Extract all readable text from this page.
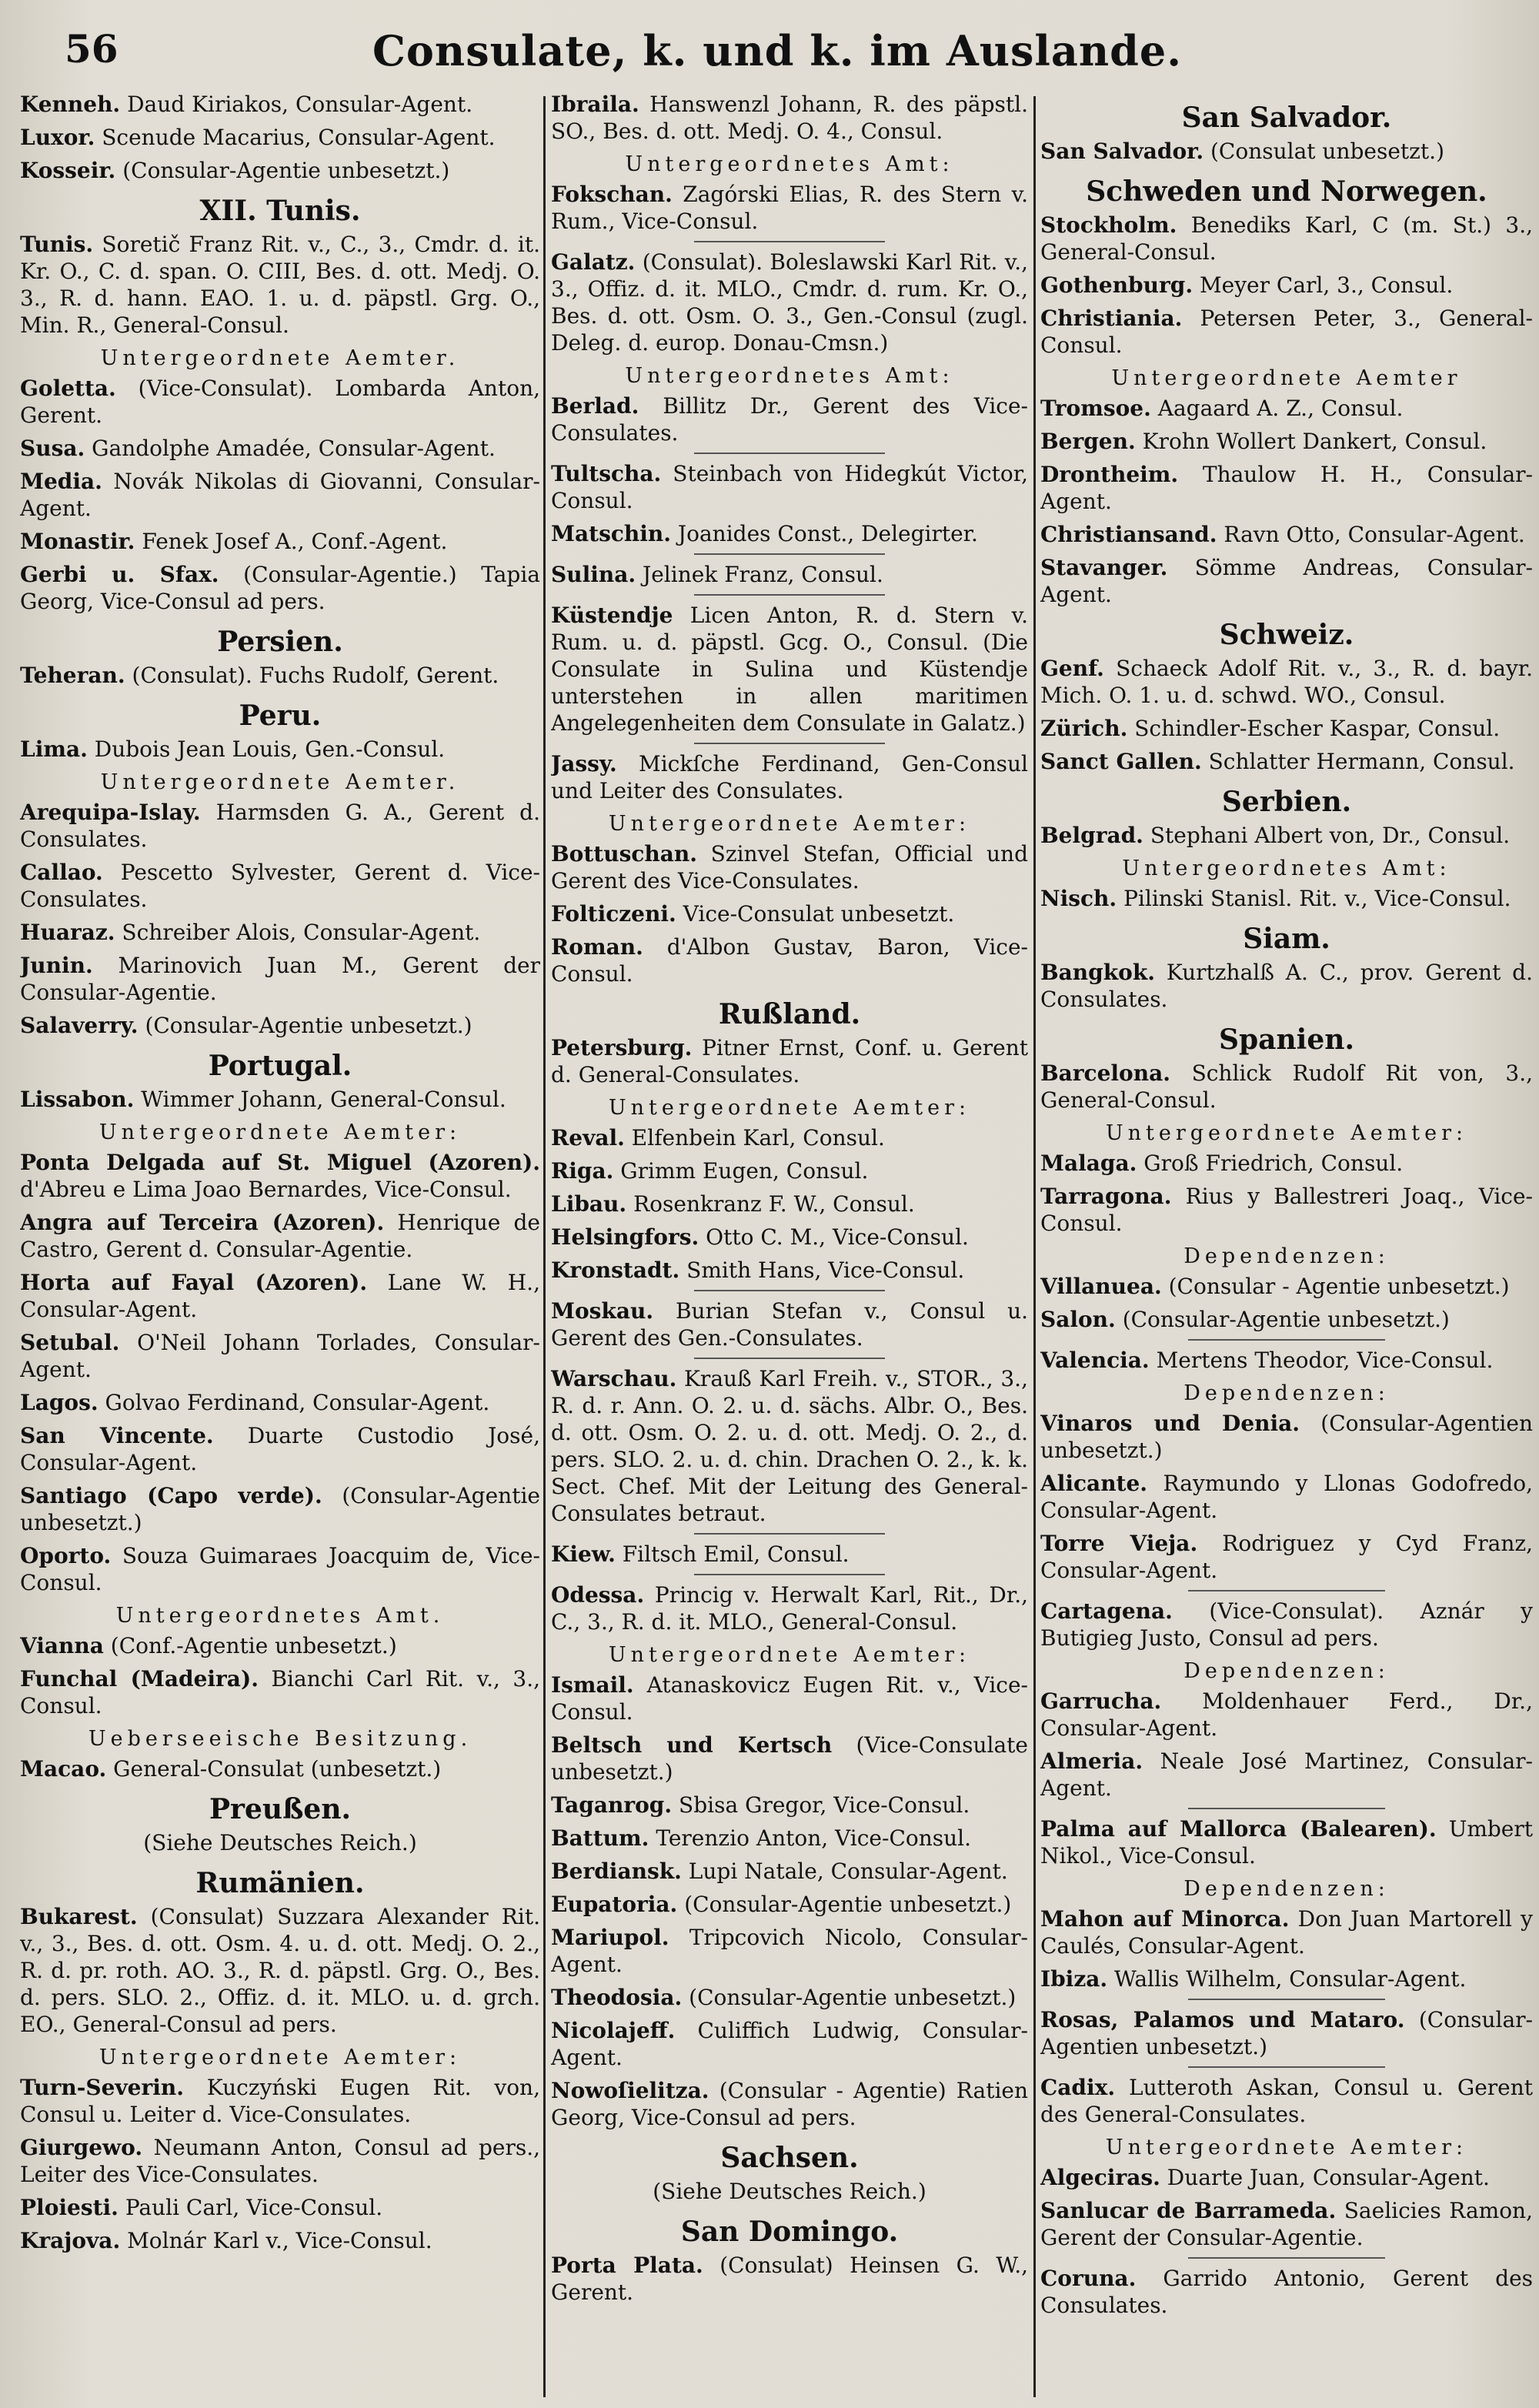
56	Consulate, k. und k. im Auslande.
Kenneh. Daud Kiriakos, Consular-Agent.
Luxor. Scenude Macarius, Consular-Agent.
Kosseir. (Consular-Agentie unbesetzt.)
XII. Tunis.
Tunis. Soretič Franz Rit. v., C., 3., Cmdr. d. it. Kr. O., C. d. span. O. CIII, Bes. d. ott. Medj. O. 3., R. d. hann. EAO. 1. u. d. päpstl. Grg. O., Min. R., General-Consul.
Untergeordnete Aemter.
Goletta. (Vice-Consulat). Lombarda Anton, Gerent.
Susa. Gandolphe Amadée, Consular-Agent.
Media. Novák Nikolas di Giovanni, Consular-Agent.
Monastir. Fenek Josef A., Conf.-Agent.
Gerbi u. Sfax. (Consular-Agentie.) Tapia Georg, Vice-Consul ad pers.
Persien.
Teheran. (Consulat). Fuchs Rudolf, Gerent.
Peru.
Lima. Dubois Jean Louis, Gen.-Consul.
Untergeordnete Aemter.
Arequipa-Islay. Harmsden G. A., Gerent d. Consulates.
Callao. Pescetto Sylvester, Gerent d. Vice-Consulates.
Huaraz. Schreiber Alois, Consular-Agent.
Junin. Marinovich Juan M., Gerent der Consular-Agentie.
Salaverry. (Consular-Agentie unbesetzt.)
Portugal.
Lissabon. Wimmer Johann, General-Consul.
Untergeordnete Aemter:
Ponta Delgada auf St. Miguel (Azoren). d'Abreu e Lima Joao Bernardes, Vice-Consul.
Angra auf Terceira (Azoren). Henrique de Castro, Gerent d. Consular-Agentie.
Horta auf Fayal (Azoren). Lane W. H., Consular-Agent.
Setubal. O'Neil Johann Torlades, Consular-Agent.
Lagos. Golvao Ferdinand, Consular-Agent.
San Vincente. Duarte Custodio José, Consular-Agent.
Santiago (Capo verde). (Consular-Agentie unbesetzt.)
Oporto. Souza Guimaraes Joacquim de, Vice-Consul.
Untergeordnetes Amt.
Vianna (Conf.-Agentie unbesetzt.)
Funchal (Madeira). Bianchi Carl Rit. v., 3., Consul.
Ueberseeische Besitzung.
Macao. General-Consulat (unbesetzt.)
Preußen.
(Siehe Deutsches Reich.)
Rumänien.
Bukarest. (Consulat) Suzzara Alexander Rit. v., 3., Bes. d. ott. Osm. 4. u. d. ott. Medj. O. 2., R. d. pr. roth. AO. 3., R. d. päpstl. Grg. O., Bes. d. pers. SLO. 2., Offiz. d. it. MLO. u. d. grch. EO., General-Consul ad pers.
Untergeordnete Aemter:
Turn-Severin. Kuczyński Eugen Rit. von, Consul u. Leiter d. Vice-Consulates.
Giurgewo. Neumann Anton, Consul ad pers., Leiter des Vice-Consulates.
Ploiesti. Pauli Carl, Vice-Consul.
Krajova. Molnár Karl v., Vice-Consul.
Ibraila. Hanswenzl Johann, R. des päpstl. SO., Bes. d. ott. Medj. O. 4., Consul.
Untergeordnetes Amt:
Fokschan. Zagórski Elias, R. des Stern v. Rum., Vice-Consul.
Galatz. (Consulat). Boleslawski Karl Rit. v., 3., Offiz. d. it. MLO., Cmdr. d. rum. Kr. O., Bes. d. ott. Osm. O. 3., Gen.-Consul (zugl. Deleg. d. europ. Donau-Cmsn.)
Untergeordnetes Amt:
Berlad. Billitz Dr., Gerent des Vice-Consulates.
Tultscha. Steinbach von Hidegkút Victor, Consul.
Matschin. Joanides Const., Delegirter.
Sulina. Jelinek Franz, Consul.
Küstendje Licen Anton, R. d. Stern v. Rum. u. d. päpstl. Gcg. O., Consul. (Die Consulate in Sulina und Küstendje unterstehen in allen maritimen Angelegenheiten dem Consulate in Galatz.)
Jassy. Mickſche Ferdinand, Gen-Consul und Leiter des Consulates.
Untergeordnete Aemter:
Bottuschan. Szinvel Stefan, Official und Gerent des Vice-Consulates.
Folticzeni. Vice-Consulat unbesetzt.
Roman. d'Albon Gustav, Baron, Vice-Consul.
Rußland.
Petersburg. Pitner Ernst, Conf. u. Gerent d. General-Consulates.
Untergeordnete Aemter:
Reval. Elfenbein Karl, Consul.
Riga. Grimm Eugen, Consul.
Libau. Rosenkranz F. W., Consul.
Helsingfors. Otto C. M., Vice-Consul.
Kronstadt. Smith Hans, Vice-Consul.
Moskau. Burian Stefan v., Consul u. Gerent des Gen.-Consulates.
Warschau. Krauß Karl Freih. v., STOR., 3., R. d. r. Ann. O. 2. u. d. sächs. Albr. O., Bes. d. ott. Osm. O. 2. u. d. ott. Medj. O. 2., d. pers. SLO. 2. u. d. chin. Drachen O. 2., k. k. Sect. Chef. Mit der Leitung des General-Consulates betraut.
Kiew. Filtsch Emil, Consul.
Odessa. Princig v. Herwalt Karl, Rit., Dr., C., 3., R. d. it. MLO., General-Consul.
Untergeordnete Aemter:
Ismail. Atanaskovicz Eugen Rit. v., Vice-Consul.
Beltsch und Kertsch (Vice-Consulate unbesetzt.)
Taganrog. Sbisa Gregor, Vice-Consul.
Battum. Terenzio Anton, Vice-Consul.
Berdiansk. Lupi Natale, Consular-Agent.
Eupatoria. (Consular-Agentie unbesetzt.)
Mariupol. Tripcovich Nicolo, Consular-Agent.
Theodosia. (Consular-Agentie unbesetzt.)
Nicolajeff. Culiffich Ludwig, Consular-Agent.
Nowoſielitza. (Consular - Agentie) Ratien Georg, Vice-Consul ad pers.
Sachsen.
(Siehe Deutsches Reich.)
San Domingo.
Porta Plata. (Consulat) Heinsen G. W., Gerent.
San Salvador.
San Salvador. (Consulat unbesetzt.)
Schweden und Norwegen.
Stockholm. Benediks Karl, C (m. St.) 3., General-Consul.
Gothenburg. Meyer Carl, 3., Consul.
Christiania. Petersen Peter, 3., General-Consul.
Untergeordnete Aemter
Tromsoe. Aagaard A. Z., Consul.
Bergen. Krohn Wollert Dankert, Consul.
Drontheim. Thaulow H. H., Consular-Agent.
Christiansand. Ravn Otto, Consular-Agent.
Stavanger. Sömme Andreas, Consular-Agent.
Schweiz.
Genf. Schaeck Adolf Rit. v., 3., R. d. bayr. Mich. O. 1. u. d. schwd. WO., Consul.
Zürich. Schindler-Escher Kaspar, Consul.
Sanct Gallen. Schlatter Hermann, Consul.
Serbien.
Belgrad. Stephani Albert von, Dr., Consul.
Untergeordnetes Amt:
Nisch. Pilinski Stanisl. Rit. v., Vice-Consul.
Siam.
Bangkok. Kurtzhalß A. C., prov. Gerent d. Consulates.
Spanien.
Barcelona. Schlick Rudolf Rit von, 3., General-Consul.
Untergeordnete Aemter:
Malaga. Groß Friedrich, Consul.
Tarragona. Rius y Ballestreri Joaq., Vice-Consul.
Dependenzen:
Villanuea. (Consular - Agentie unbesetzt.)
Salon. (Consular-Agentie unbesetzt.)
Valencia. Mertens Theodor, Vice-Consul.
Dependenzen:
Vinaros und Denia. (Consular-Agentien unbesetzt.)
Alicante. Raymundo y Llonas Godofredo, Consular-Agent.
Torre Vieja. Rodriguez y Cyd Franz, Consular-Agent.
Cartagena. (Vice-Consulat). Aznár y Butigieg Justo, Consul ad pers.
Dependenzen:
Garrucha. Moldenhauer Ferd., Dr., Consular-Agent.
Almeria. Neale José Martinez, Consular-Agent.
Palma auf Mallorca (Balearen). Umbert Nikol., Vice-Consul.
Dependenzen:
Mahon auf Minorca. Don Juan Martorell y Caulés, Consular-Agent.
Ibiza. Wallis Wilhelm, Consular-Agent.
Rosas, Palamos und Mataro. (Consular-Agentien unbesetzt.)
Cadix. Lutteroth Askan, Consul u. Gerent des General-Consulates.
Untergeordnete Aemter:
Algeciras. Duarte Juan, Consular-Agent.
Sanlucar de Barrameda. Saelicies Ramon, Gerent der Consular-Agentie.
Coruna. Garrido Antonio, Gerent des Consulates.
